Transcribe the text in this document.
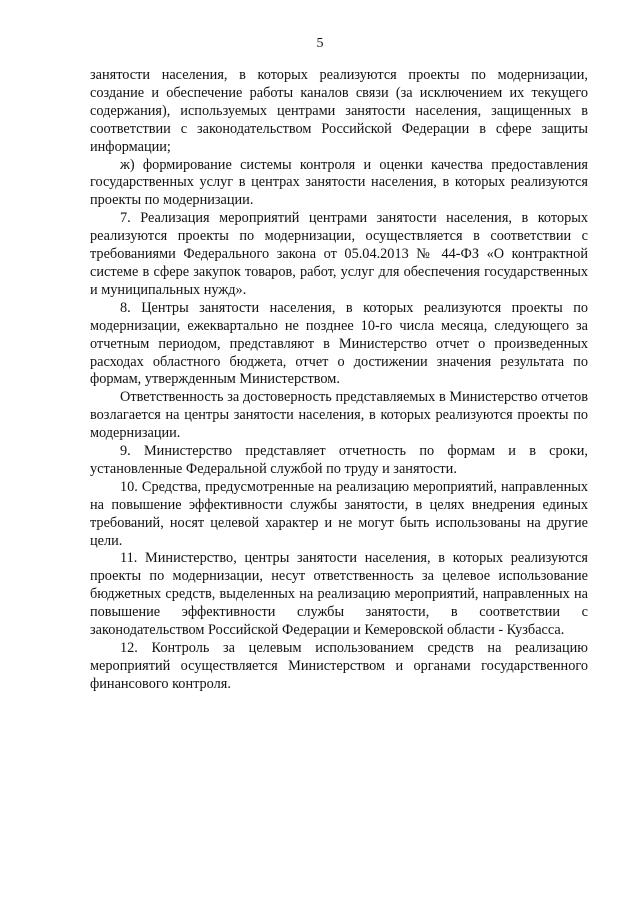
5

занятости населения, в которых реализуются проекты по модернизации, создание и обеспечение работы каналов связи (за исключением их текущего содержания), используемых центрами занятости населения, защищенных в соответствии с законодательством Российской Федерации в сфере защиты информации;

ж) формирование системы контроля и оценки качества предоставления государственных услуг в центрах занятости населения, в которых реализуются проекты по модернизации.

7. Реализация мероприятий центрами занятости населения, в которых реализуются проекты по модернизации, осуществляется в соответствии с требованиями Федерального закона от 05.04.2013 № 44-ФЗ «О контрактной системе в сфере закупок товаров, работ, услуг для обеспечения государственных и муниципальных нужд».

8. Центры занятости населения, в которых реализуются проекты по модернизации, ежеквартально не позднее 10-го числа месяца, следующего за отчетным периодом, представляют в Министерство отчет о произведенных расходах областного бюджета, отчет о достижении значения результата по формам, утвержденным Министерством.

Ответственность за достоверность представляемых в Министерство отчетов возлагается на центры занятости населения, в которых реализуются проекты по модернизации.

9. Министерство представляет отчетность по формам и в сроки, установленные Федеральной службой по труду и занятости.

10. Средства, предусмотренные на реализацию мероприятий, направленных на повышение эффективности службы занятости, в целях внедрения единых требований, носят целевой характер и не могут быть использованы на другие цели.

11. Министерство, центры занятости населения, в которых реализуются проекты по модернизации, несут ответственность за целевое использование бюджетных средств, выделенных на реализацию мероприятий, направленных на повышение эффективности службы занятости, в соответствии с законодательством Российской Федерации и Кемеровской области - Кузбасса.

12. Контроль за целевым использованием средств на реализацию мероприятий осуществляется Министерством и органами государственного финансового контроля.
